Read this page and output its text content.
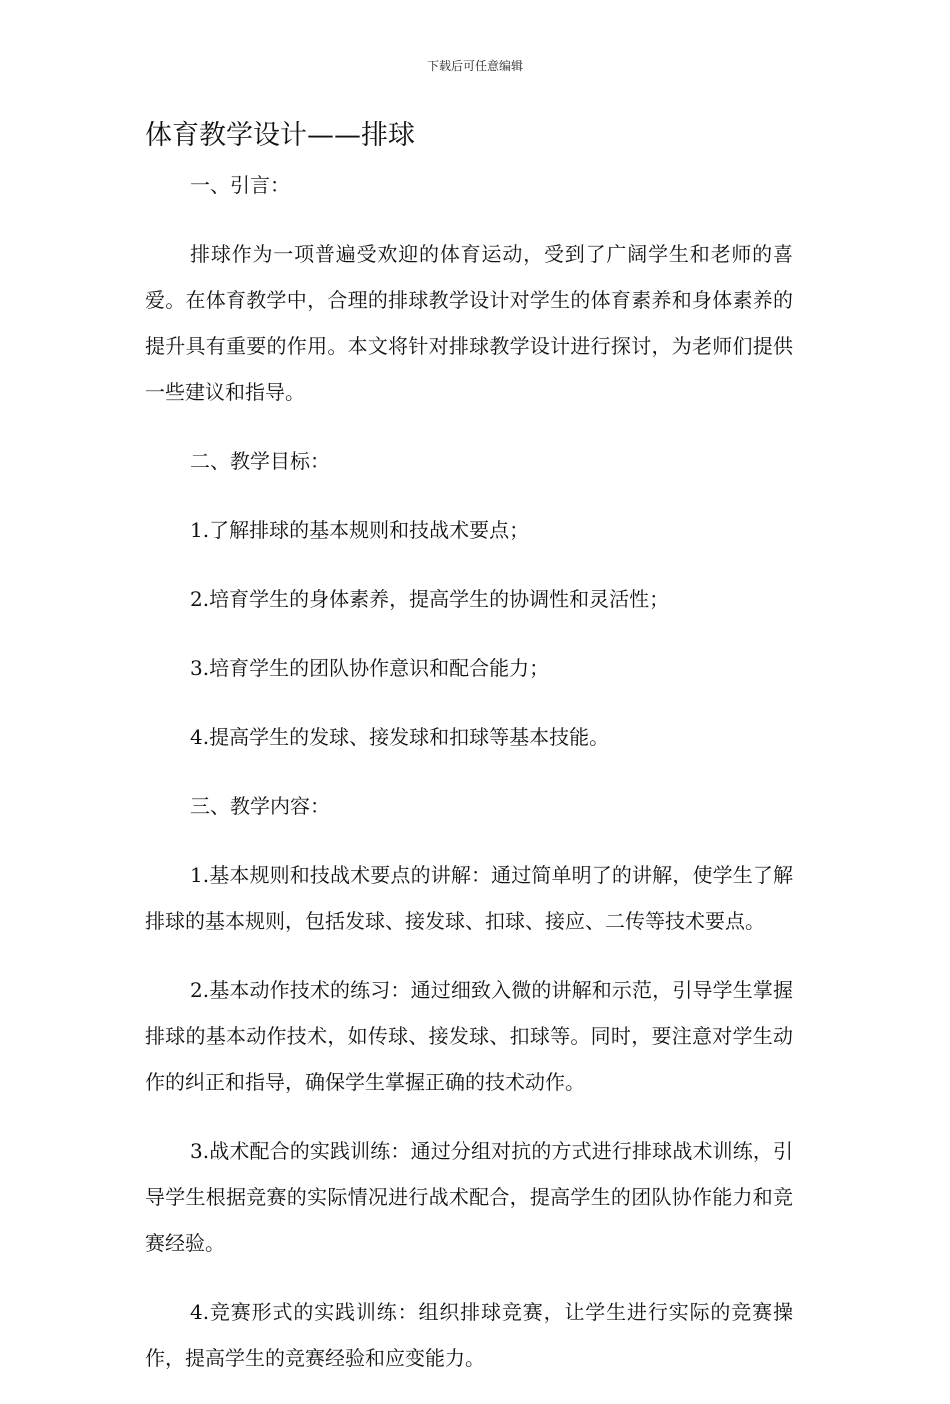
下载后可任意编辑
体育教学设计——排球

一、引言：

排球作为一项普遍受欢迎的体育运动，受到了广阔学生和老师的喜爱。在体育教学中，合理的排球教学设计对学生的体育素养和身体素养的提升具有重要的作用。本文将针对排球教学设计进行探讨，为老师们提供一些建议和指导。

二、教学目标：

1.了解排球的基本规则和技战术要点；

2.培育学生的身体素养，提高学生的协调性和灵活性；

3.培育学生的团队协作意识和配合能力；

4.提高学生的发球、接发球和扣球等基本技能。

三、教学内容：

1.基本规则和技战术要点的讲解：通过简单明了的讲解，使学生了解排球的基本规则，包括发球、接发球、扣球、接应、二传等技术要点。

2.基本动作技术的练习：通过细致入微的讲解和示范，引导学生掌握排球的基本动作技术，如传球、接发球、扣球等。同时，要注意对学生动作的纠正和指导，确保学生掌握正确的技术动作。

3.战术配合的实践训练：通过分组对抗的方式进行排球战术训练，引导学生根据竞赛的实际情况进行战术配合，提高学生的团队协作能力和竞赛经验。

4.竞赛形式的实践训练：组织排球竞赛，让学生进行实际的竞赛操作，提高学生的竞赛经验和应变能力。
